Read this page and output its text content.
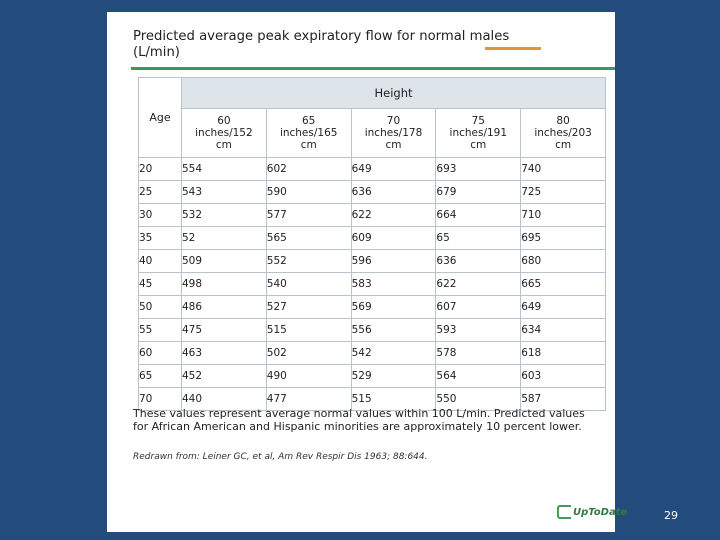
Predicted average peak expiratory flow for normal males
(L/min)
Age	Height				
	60
inches/152
cm	65
inches/165
cm	70
inches/178
cm	75
inches/191
cm	80
inches/203
cm
20	554	602	649	693	740
25	543	590	636	679	725
30	532	577	622	664	710
35	52	565	609	65	695
40	509	552	596	636	680
45	498	540	583	622	665
50	486	527	569	607	649
55	475	515	556	593	634
60	463	502	542	578	618
65	452	490	529	564	603
70	440	477	515	550	587
These values represent average normal values within 100 L/min. Predicted values for African American and Hispanic minorities are approximately 10 percent lower.
Redrawn from: Leiner GC, et al, Am Rev Respir Dis 1963; 88:644.
UpToDate	29
